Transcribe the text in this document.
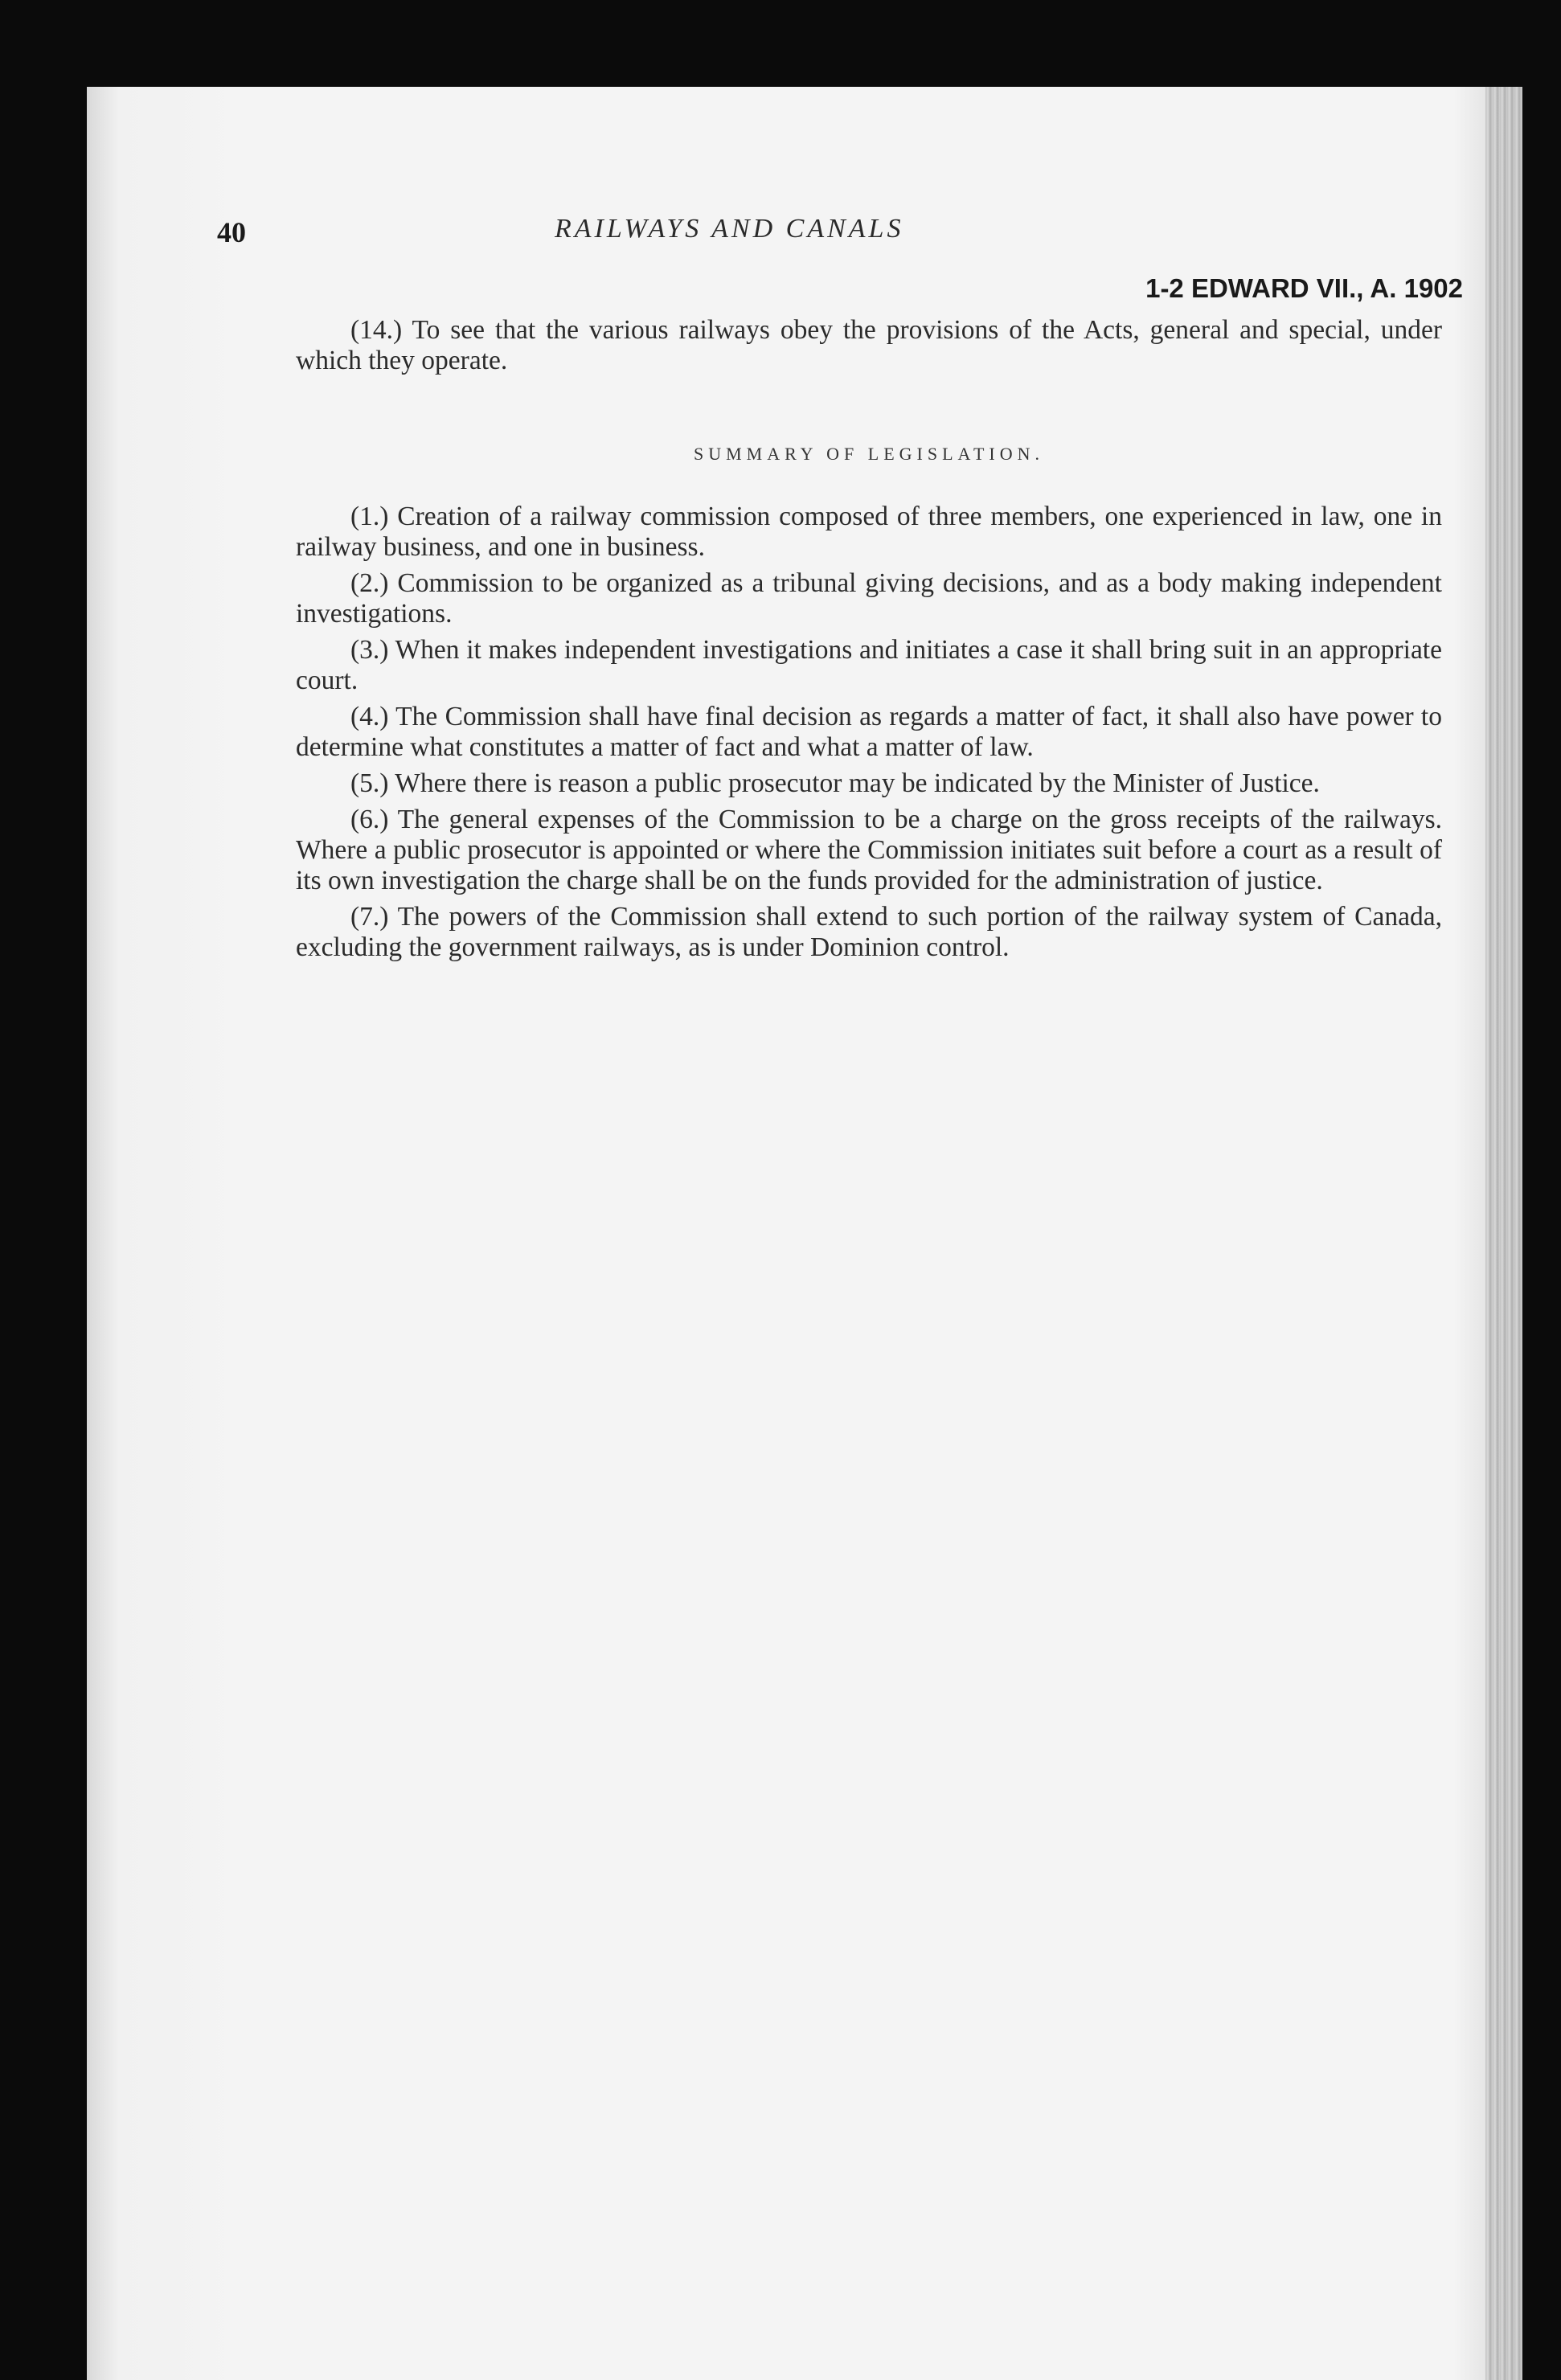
40	RAILWAYS AND CANALS
1-2 EDWARD VII., A. 1902

(14.) To see that the various railways obey the provisions of the Acts, general and special, under which they operate.

SUMMARY OF LEGISLATION.

(1.) Creation of a railway commission composed of three members, one experienced in law, one in railway business, and one in business.

(2.) Commission to be organized as a tribunal giving decisions, and as a body making independent investigations.

(3.) When it makes independent investigations and initiates a case it shall bring suit in an appropriate court.

(4.) The Commission shall have final decision as regards a matter of fact, it shall also have power to determine what constitutes a matter of fact and what a matter of law.

(5.) Where there is reason a public prosecutor may be indicated by the Minister of Justice.

(6.) The general expenses of the Commission to be a charge on the gross receipts of the railways. Where a public prosecutor is appointed or where the Commission initiates suit before a court as a result of its own investigation the charge shall be on the funds provided for the administration of justice.

(7.) The powers of the Commission shall extend to such portion of the railway system of Canada, excluding the government railways, as is under Dominion control.
